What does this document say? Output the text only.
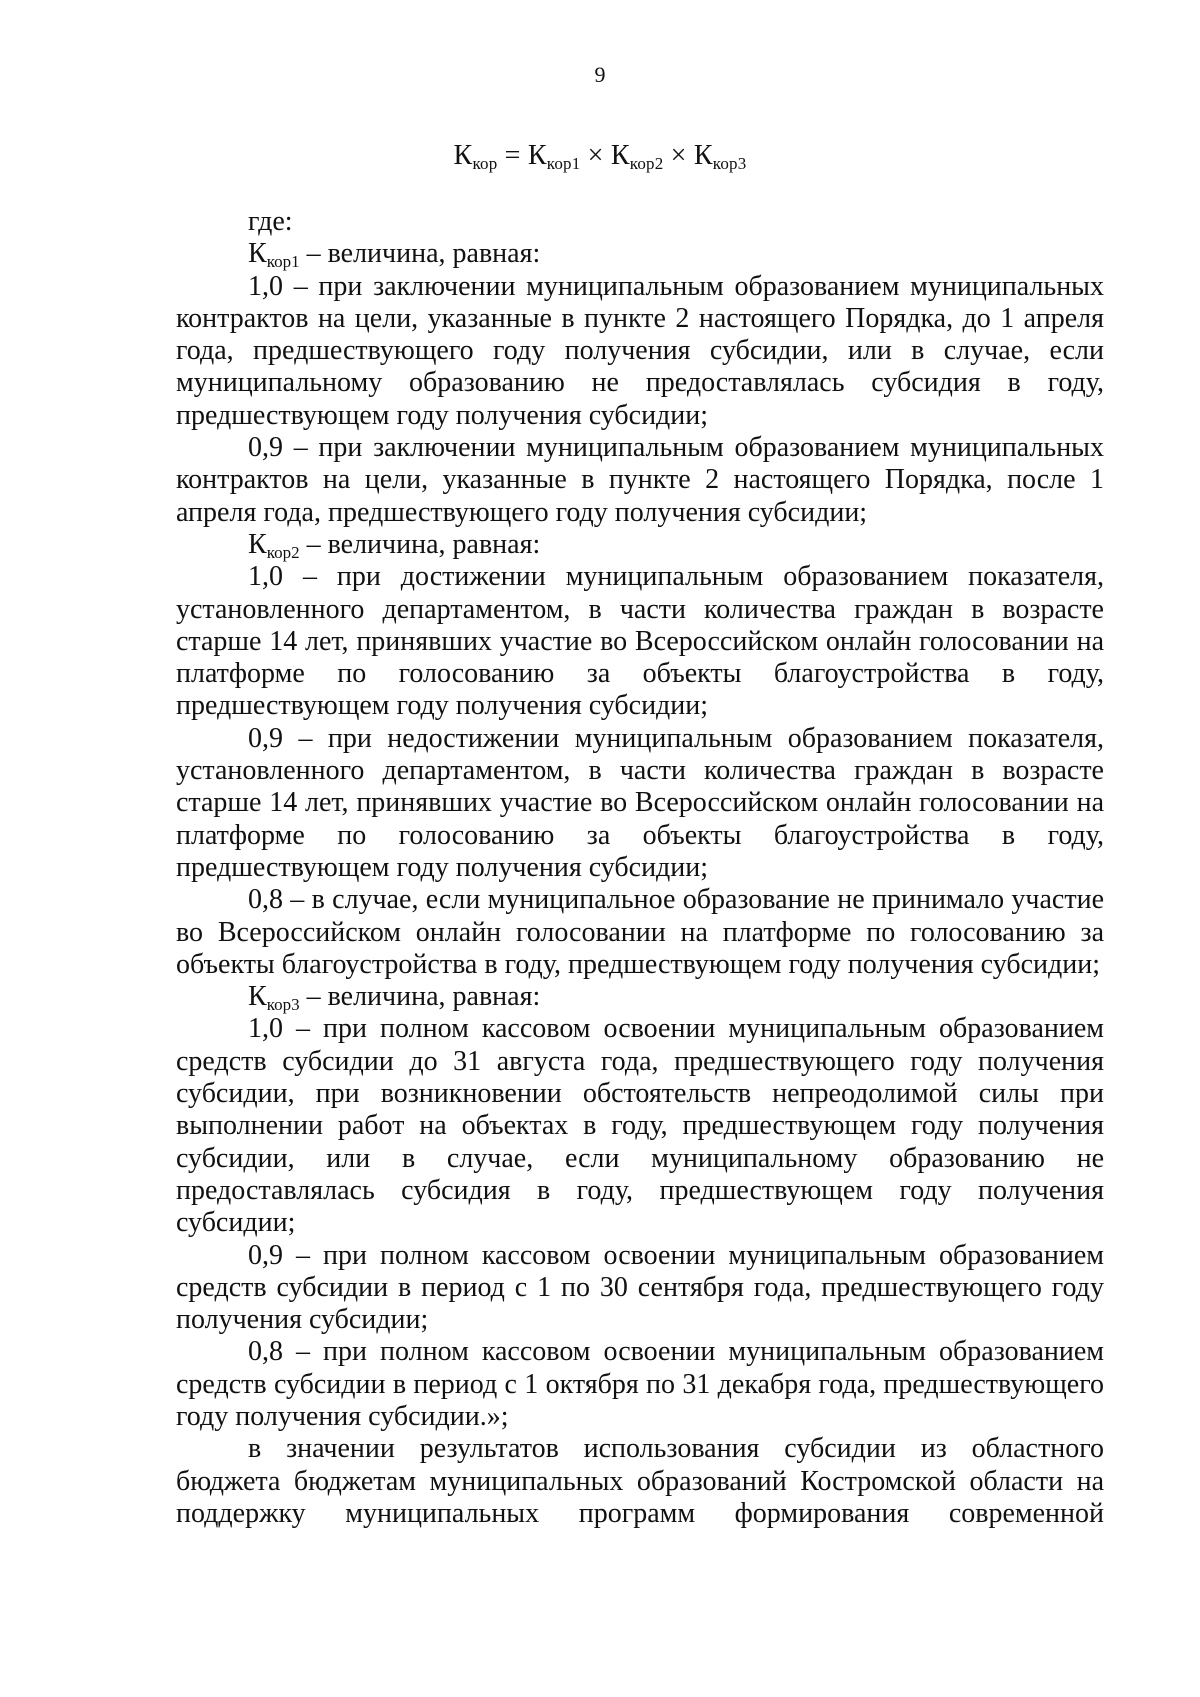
9
$К_{кор} = К_{кор1} \times К_{кор2} \times К_{кор3}$

где:

$К_{кор1}$ – величина, равная:

1,0 – при заключении муниципальным образованием муниципальных контрактов на цели, указанные в пункте 2 настоящего Порядка, до 1 апреля года, предшествующего году получения субсидии, или в случае, если муниципальному образованию не предоставлялась субсидия в году, предшествующем году получения субсидии;

0,9 – при заключении муниципальным образованием муниципальных контрактов на цели, указанные в пункте 2 настоящего Порядка, после 1 апреля года, предшествующего году получения субсидии;

$К_{кор2}$ – величина, равная:

1,0 – при достижении муниципальным образованием показателя, установленного департаментом, в части количества граждан в возрасте старше 14 лет, принявших участие во Всероссийском онлайн голосовании на платформе по голосованию за объекты благоустройства в году, предшествующем году получения субсидии;

0,9 – при недостижении муниципальным образованием показателя, установленного департаментом, в части количества граждан в возрасте старше 14 лет, принявших участие во Всероссийском онлайн голосовании на платформе по голосованию за объекты благоустройства в году, предшествующем году получения субсидии;

0,8 – в случае, если муниципальное образование не принимало участие во Всероссийском онлайн голосовании на платформе по голосованию за объекты благоустройства в году, предшествующем году получения субсидии;

$К_{кор3}$ – величина, равная:

1,0 – при полном кассовом освоении муниципальным образованием средств субсидии до 31 августа года, предшествующего году получения субсидии, при возникновении обстоятельств непреодолимой силы при выполнении работ на объектах в году, предшествующем году получения субсидии, или в случае, если муниципальному образованию не предоставлялась субсидия в году, предшествующем году получения субсидии;

0,9 – при полном кассовом освоении муниципальным образованием средств субсидии в период с 1 по 30 сентября года, предшествующего году получения субсидии;

0,8 – при полном кассовом освоении муниципальным образованием средств субсидии в период с 1 октября по 31 декабря года, предшествующего году получения субсидии.»;

в значении результатов использования субсидии из областного бюджета бюджетам муниципальных образований Костромской области на поддержку муниципальных программ формирования современной
